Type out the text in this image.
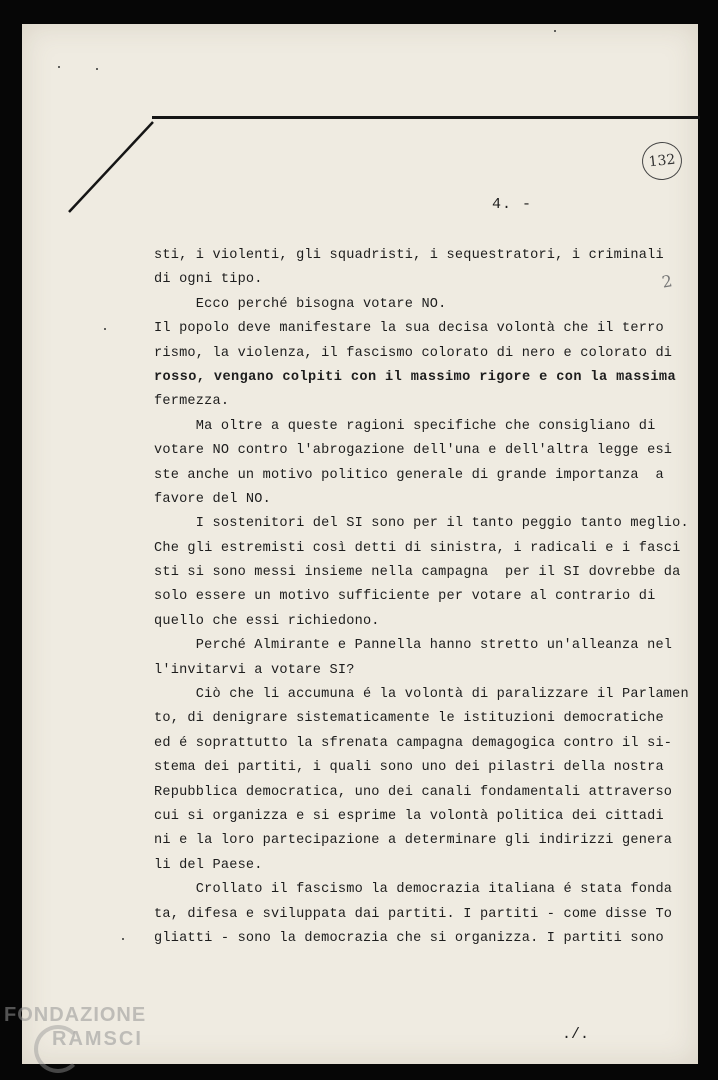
132
2
4. -
sti, i violenti, gli squadristi, i sequestratori, i criminali
di ogni tipo.
Ecco perché bisogna votare NO.
Il popolo deve manifestare la sua decisa volontà che il terro
rismo, la violenza, il fascismo colorato di nero e colorato di
rosso, vengano colpiti con il massimo rigore e con la massima
fermezza.
Ma oltre a queste ragioni specifiche che consigliano di
votare NO contro l'abrogazione dell'una e dell'altra legge esi
ste anche un motivo politico generale di grande importanza  a
favore del NO.
I sostenitori del SI sono per il tanto peggio tanto meglio.
Che gli estremisti così detti di sinistra, i radicali e i fasci
sti si sono messi insieme nella campagna  per il SI dovrebbe da
solo essere un motivo sufficiente per votare al contrario di
quello che essi richiedono.
Perché Almirante e Pannella hanno stretto un'alleanza nel
l'invitarvi a votare SI?
Ciò che li accumuna é la volontà di paralizzare il Parlamen
to, di denigrare sistematicamente le istituzioni democratiche
ed é soprattutto la sfrenata campagna demagogica contro il si-
stema dei partiti, i quali sono uno dei pilastri della nostra
Repubblica democratica, uno dei canali fondamentali attraverso
cui si organizza e si esprime la volontà politica dei cittadi
ni e la loro partecipazione a determinare gli indirizzi genera
li del Paese.
Crollato il fascismo la democrazia italiana é stata fonda
ta, difesa e sviluppata dai partiti. I partiti - come disse To
gliatti - sono la democrazia che si organizza. I partiti sono
./.
FONDAZIONE
RAMSCI
